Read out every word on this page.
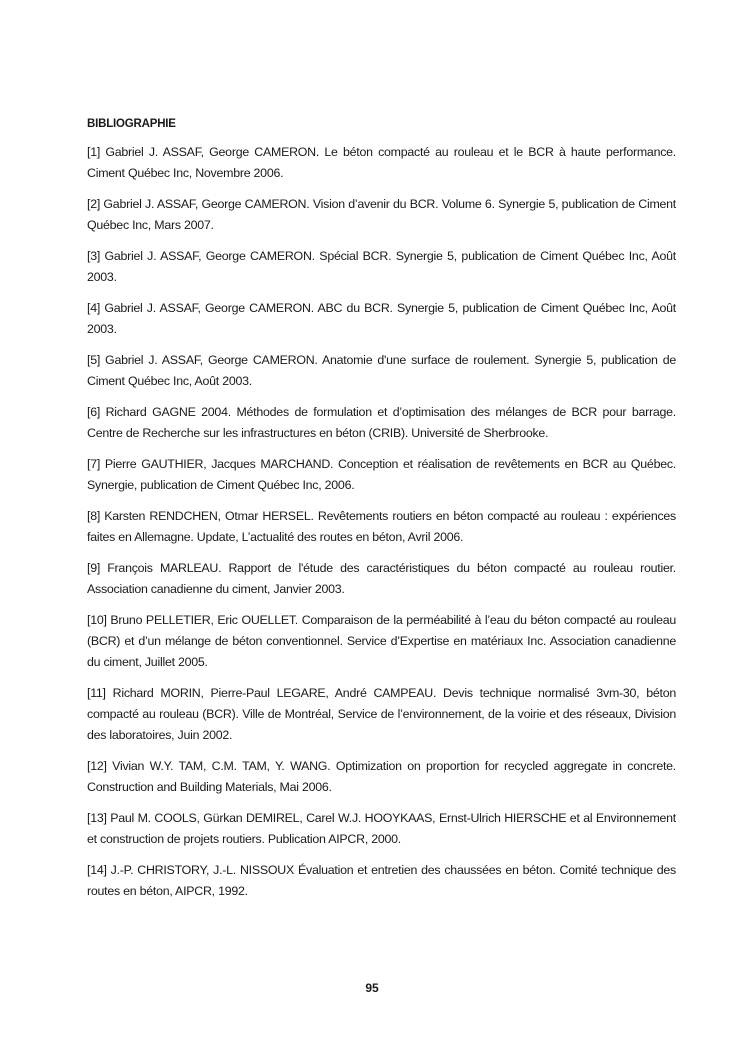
BIBLIOGRAPHIE

[1] Gabriel J. ASSAF, George CAMERON. Le béton compacté au rouleau et le BCR à haute performance. Ciment Québec Inc, Novembre 2006.

[2] Gabriel J. ASSAF, George CAMERON. Vision d’avenir du BCR. Volume 6. Synergie 5, publication de Ciment Québec Inc, Mars 2007.

[3] Gabriel J. ASSAF, George CAMERON. Spécial BCR. Synergie 5, publication de Ciment Québec Inc, Août 2003.

[4] Gabriel J. ASSAF, George CAMERON. ABC du BCR. Synergie 5, publication de Ciment Québec Inc, Août 2003.

[5] Gabriel J. ASSAF, George CAMERON. Anatomie d'une surface de roulement. Synergie 5, publication de Ciment Québec Inc, Août 2003.

[6] Richard GAGNE 2004. Méthodes de formulation et d’optimisation des mélanges de BCR pour barrage. Centre de Recherche sur les infrastructures en béton (CRIB). Université de Sherbrooke.

[7] Pierre GAUTHIER, Jacques MARCHAND. Conception et réalisation de revêtements en BCR au Québec. Synergie, publication de Ciment Québec Inc, 2006.

[8] Karsten RENDCHEN, Otmar HERSEL. Revêtements routiers en béton compacté au rouleau : expériences faites en Allemagne. Update, L’actualité des routes en béton, Avril 2006.

[9] François MARLEAU. Rapport de l'étude des caractéristiques du béton compacté au rouleau routier. Association canadienne du ciment, Janvier 2003.

[10] Bruno PELLETIER, Eric OUELLET. Comparaison de la perméabilité à l’eau du béton compacté au rouleau (BCR) et d’un mélange de béton conventionnel. Service d’Expertise en matériaux Inc. Association canadienne du ciment, Juillet 2005.

[11] Richard MORIN, Pierre-Paul LEGARE, André CAMPEAU. Devis technique normalisé 3vm-30, béton compacté au rouleau (BCR). Ville de Montréal, Service de l’environnement, de la voirie et des réseaux, Division des laboratoires, Juin 2002.

[12] Vivian W.Y. TAM, C.M. TAM, Y. WANG. Optimization on proportion for recycled aggregate in concrete. Construction and Building Materials, Mai 2006.

[13] Paul M. COOLS, Gürkan DEMIREL, Carel W.J. HOOYKAAS, Ernst-Ulrich HIERSCHE et al Environnement et construction de projets routiers. Publication AIPCR, 2000.

[14] J.-P. CHRISTORY, J.-L. NISSOUX Évaluation et entretien des chaussées en béton. Comité technique des routes en béton, AIPCR, 1992.

95
